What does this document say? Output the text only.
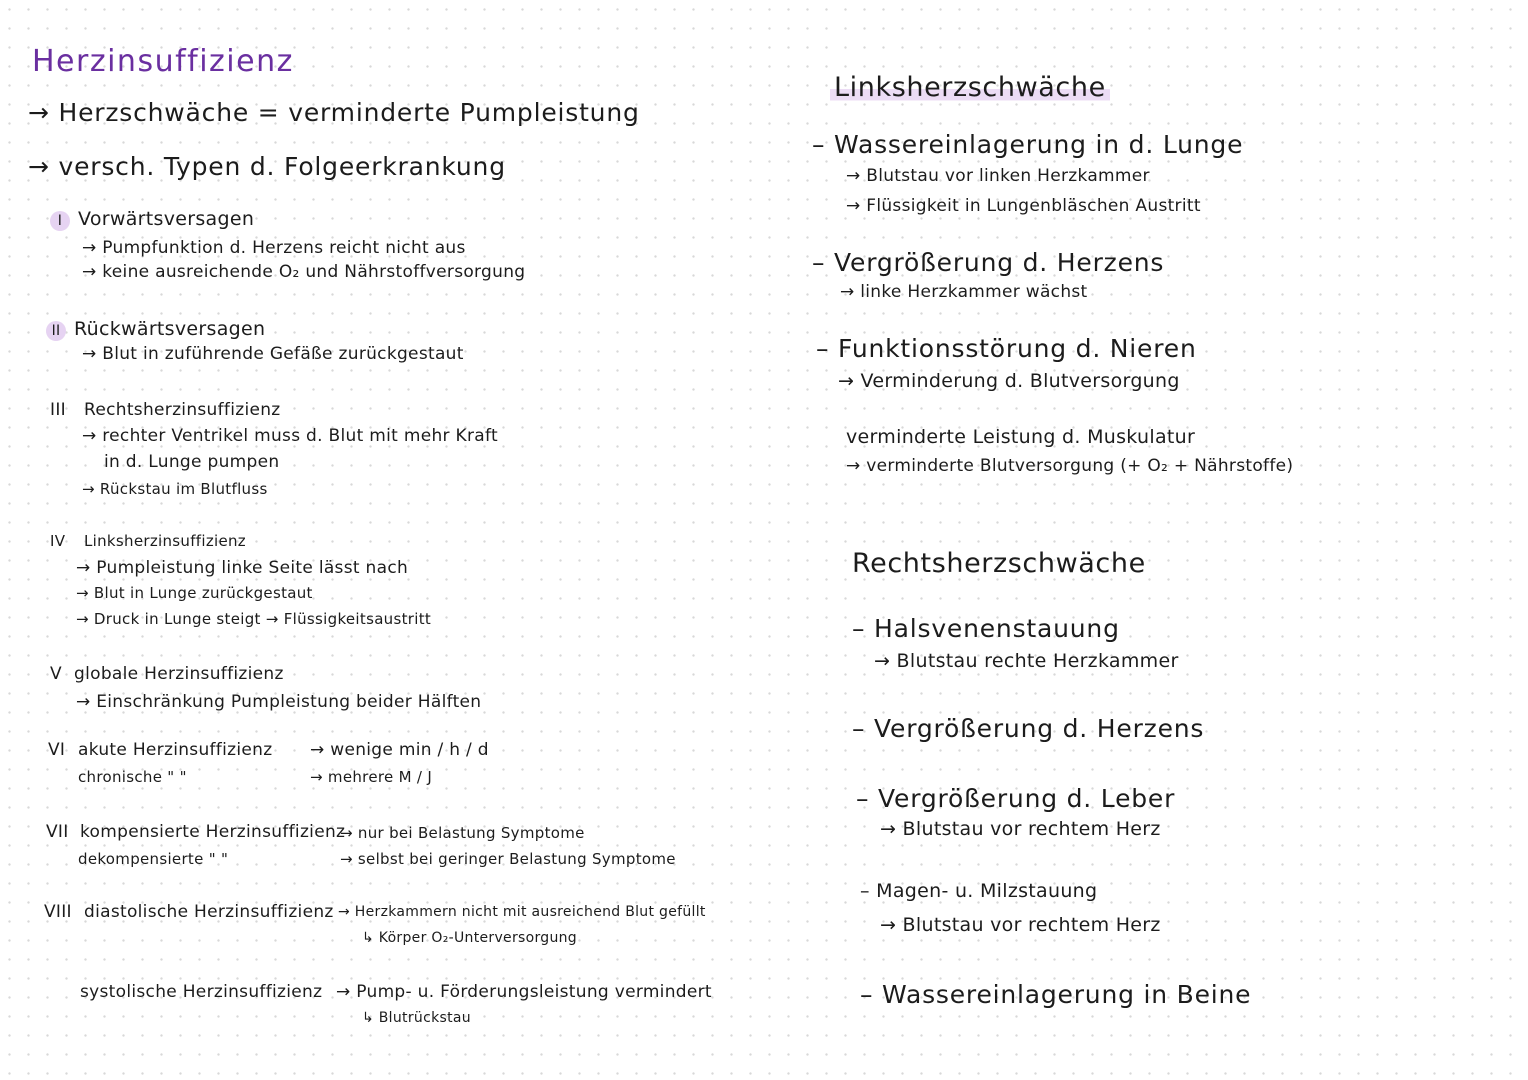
Herzinsuffizienz
→ Herzschwäche = verminderte Pumpleistung
→ versch. Typen d. Folgeerkrankung
I Vorwärtsversagen
→ Pumpfunktion d. Herzens reicht nicht aus
→ keine ausreichende O₂ und Nährstoffversorgung
II Rückwärtsversagen
→ Blut in zuführende Gefäße zurückgestaut
III Rechtsherzinsuffizienz
→ rechter Ventrikel muss d. Blut mit mehr Kraft
in d. Lunge pumpen
→ Rückstau im Blutfluss
IV Linksherzinsuffizienz
→ Pumpleistung linke Seite lässt nach
→ Blut in Lunge zurückgestaut
→ Druck in Lunge steigt → Flüssigkeitsaustritt
V globale Herzinsuffizienz
→ Einschränkung Pumpleistung beider Hälften
VI akute Herzinsuffizienz → wenige min / h / d
chronische " "	→ mehrere M / J
VII kompensierte Herzinsuffizienz
→ nur bei Belastung Symptome
dekompensierte " "	→ selbst bei geringer Belastung Symptome
VIII diastolische Herzinsuffizienz → Herzkammern nicht mit ausreichend Blut gefüllt
↳ Körper O₂-Unterversorgung
systolische Herzinsuffizienz → Pump- u. Förderungsleistung vermindert
↳ Blutrückstau
Linksherzschwäche
– Wassereinlagerung in d. Lunge
→ Blutstau vor linken Herzkammer
→ Flüssigkeit in Lungenbläschen Austritt
– Vergrößerung d. Herzens
→ linke Herzkammer wächst
– Funktionsstörung d. Nieren
→ Verminderung d. Blutversorgung
verminderte Leistung d. Muskulatur
→ verminderte Blutversorgung (+ O₂ + Nährstoffe)
Rechtsherzschwäche
– Halsvenenstauung
→ Blutstau rechte Herzkammer
– Vergrößerung d. Herzens
– Vergrößerung d. Leber
→ Blutstau vor rechtem Herz
– Magen- u. Milzstauung
→ Blutstau vor rechtem Herz
– Wassereinlagerung in Beine
